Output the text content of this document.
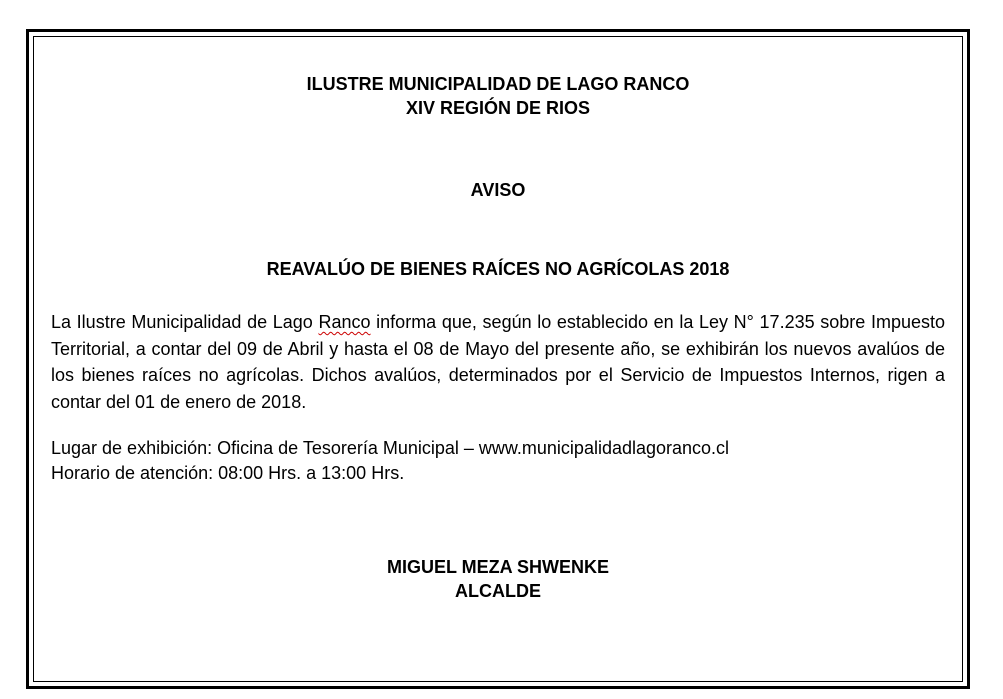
ILUSTRE MUNICIPALIDAD DE LAGO RANCO
XIV REGIÓN DE RIOS
AVISO
REAVALÚO DE BIENES RAÍCES NO AGRÍCOLAS 2018
La Ilustre Municipalidad de Lago Ranco informa que, según lo establecido en la Ley N° 17.235 sobre Impuesto Territorial, a contar del 09 de Abril y hasta el 08 de Mayo del presente año, se exhibirán los nuevos avalúos de los bienes raíces no agrícolas. Dichos avalúos, determinados por el Servicio de Impuestos Internos, rigen a contar del 01 de enero de 2018.
Lugar de exhibición: Oficina de Tesorería Municipal – www.municipalidadlagoranco.cl
Horario de atención: 08:00 Hrs. a 13:00 Hrs.
MIGUEL MEZA SHWENKE
ALCALDE
